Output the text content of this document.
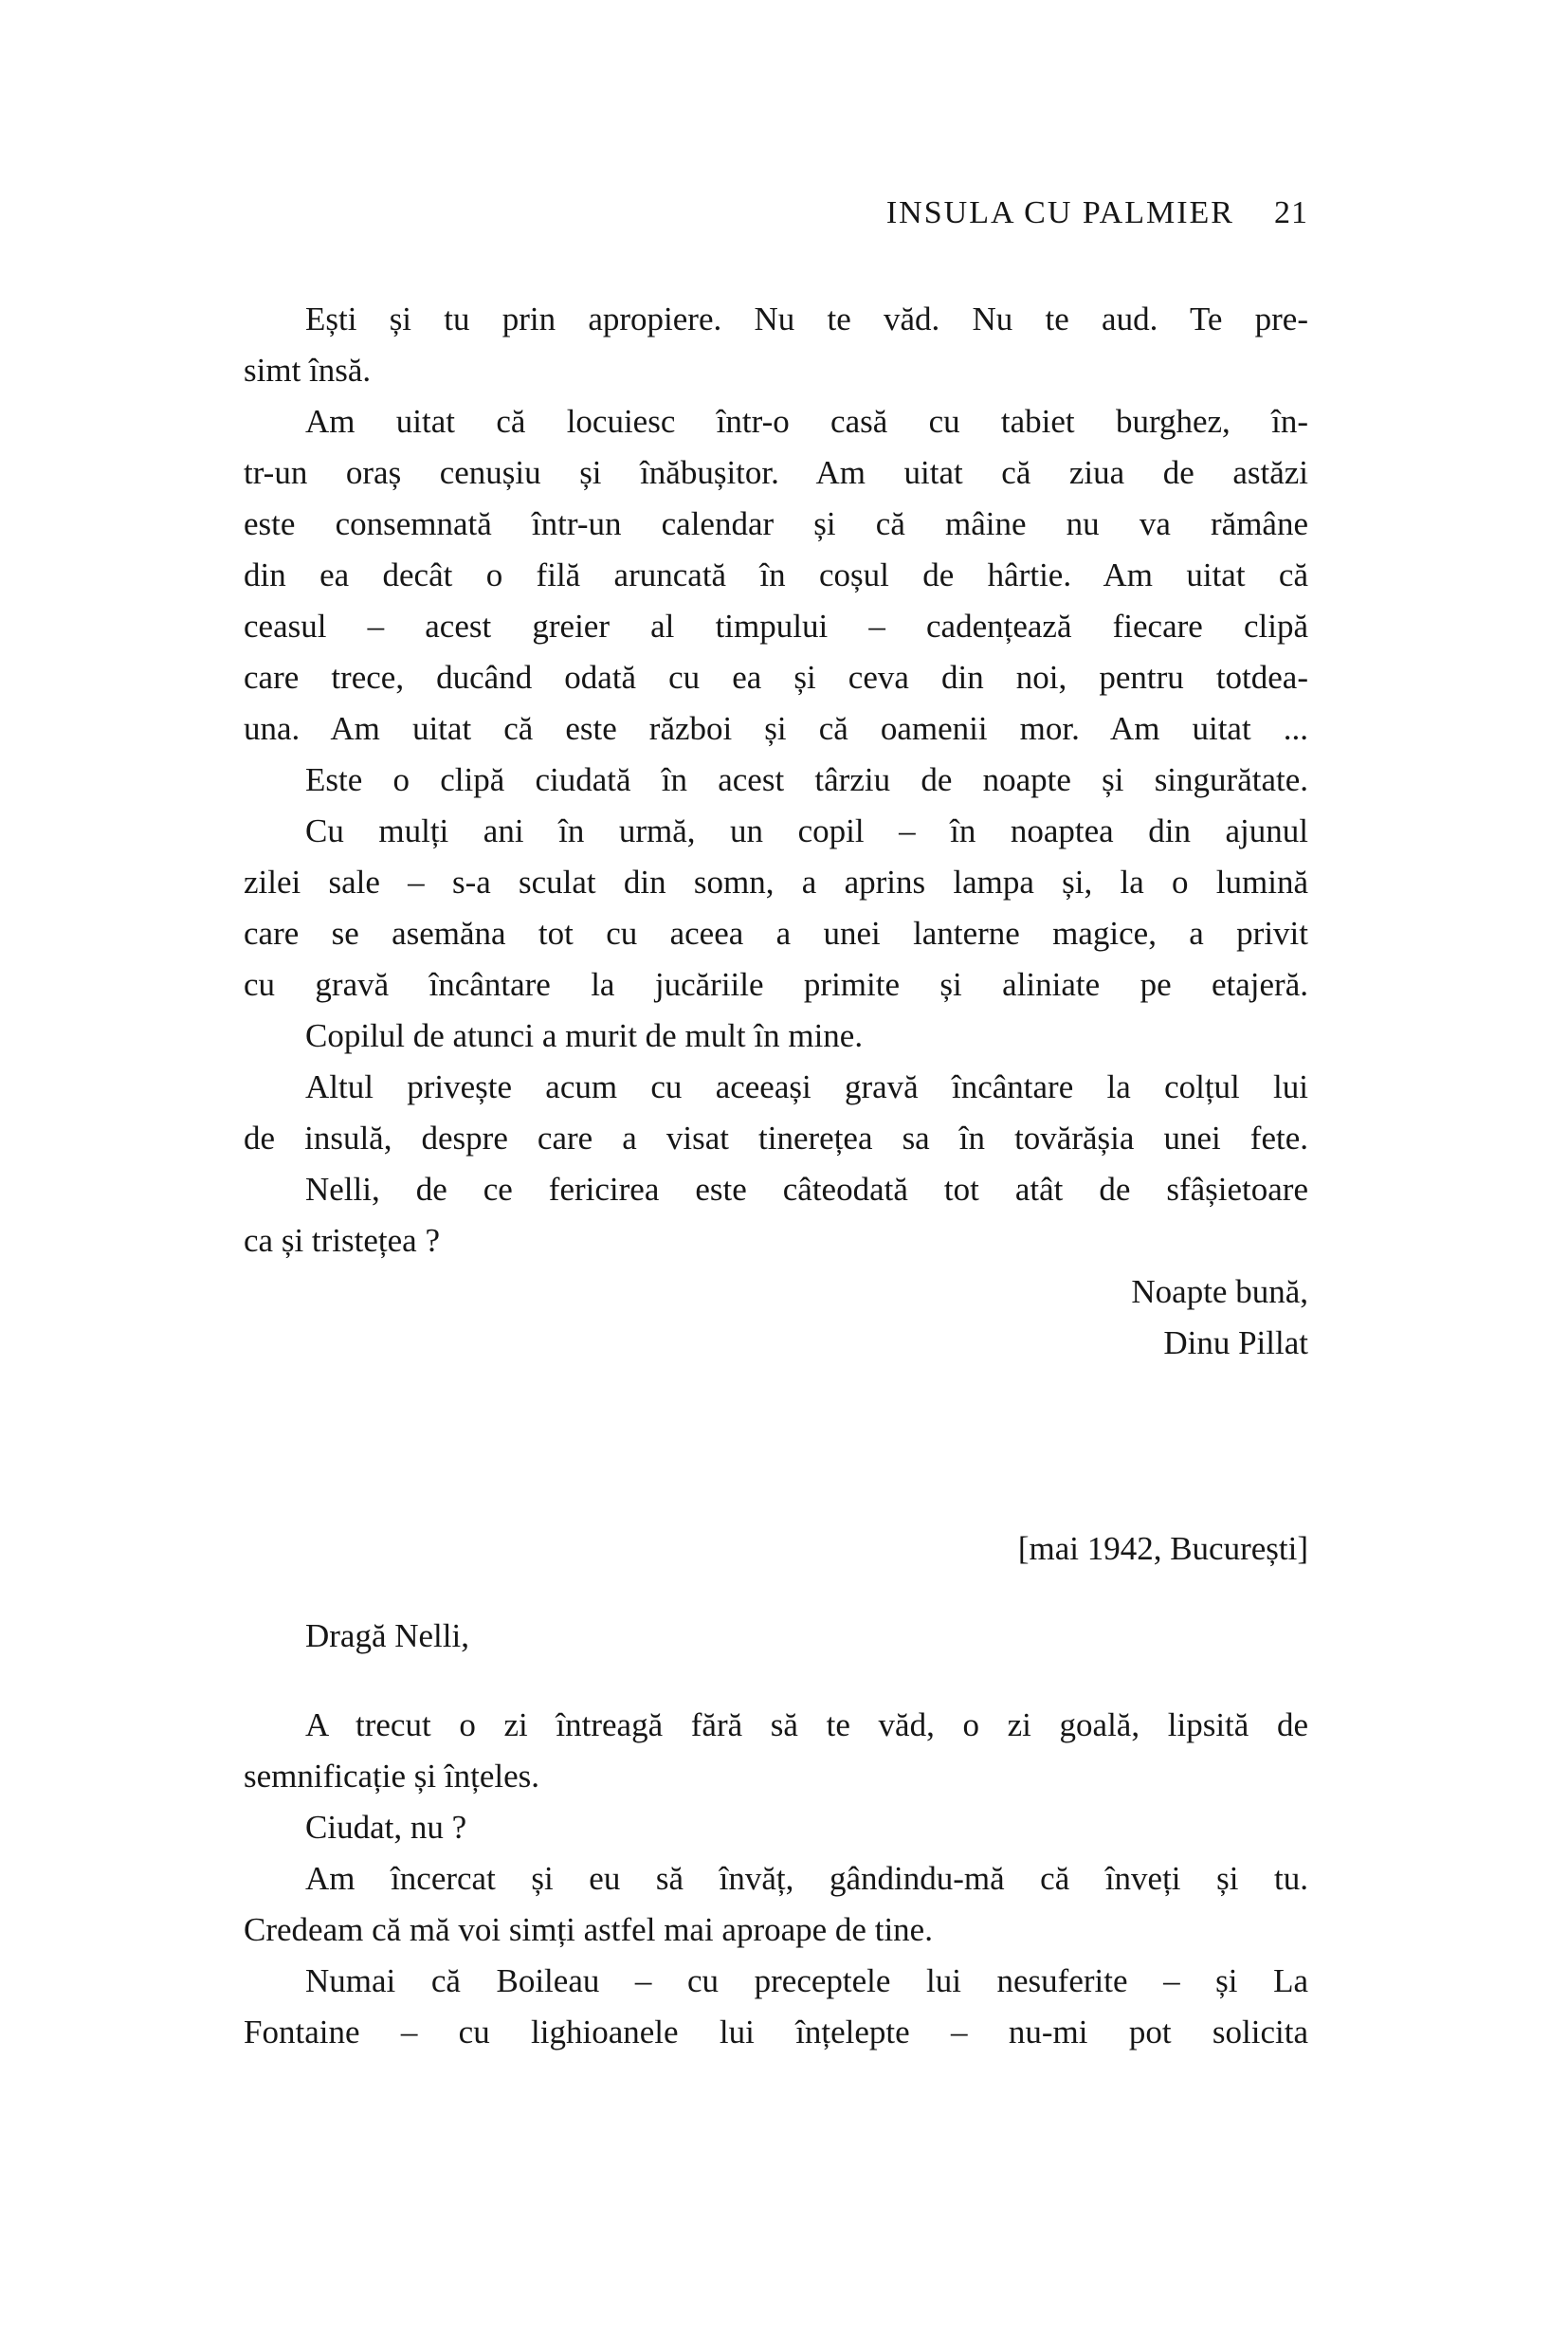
INSULA CU PALMIER 21
Ești și tu prin apropiere. Nu te văd. Nu te aud. Te pre-
simt însă.
Am uitat că locuiesc într-o casă cu tabiet burghez, în-
tr-un oraș cenușiu și înăbușitor. Am uitat că ziua de astăzi
este consemnată într-un calendar și că mâine nu va rămâne
din ea decât o filă aruncată în coșul de hârtie. Am uitat că
ceasul – acest greier al timpului – cadențează fiecare clipă
care trece, ducând odată cu ea și ceva din noi, pentru totdea-
una. Am uitat că este război și că oamenii mor. Am uitat ...
Este o clipă ciudată în acest târziu de noapte și singurătate.
Cu mulți ani în urmă, un copil – în noaptea din ajunul
zilei sale – s-a sculat din somn, a aprins lampa și, la o lumină
care se asemăna tot cu aceea a unei lanterne magice, a privit
cu gravă încântare la jucăriile primite și aliniate pe etajeră.
Copilul de atunci a murit de mult în mine.
Altul privește acum cu aceeași gravă încântare la colțul lui
de insulă, despre care a visat tinerețea sa în tovărășia unei fete.
Nelli, de ce fericirea este câteodată tot atât de sfâșietoare
ca și tristețea ?
Noapte bună,
Dinu Pillat
[mai 1942, București]
Dragă Nelli,
A trecut o zi întreagă fără să te văd, o zi goală, lipsită de
semnificație și înțeles.
Ciudat, nu ?
Am încercat și eu să învăț, gândindu-mă că înveți și tu.
Credeam că mă voi simți astfel mai aproape de tine.
Numai că Boileau – cu preceptele lui nesuferite – și La
Fontaine – cu lighioanele lui înțelepte – nu-mi pot solicita
